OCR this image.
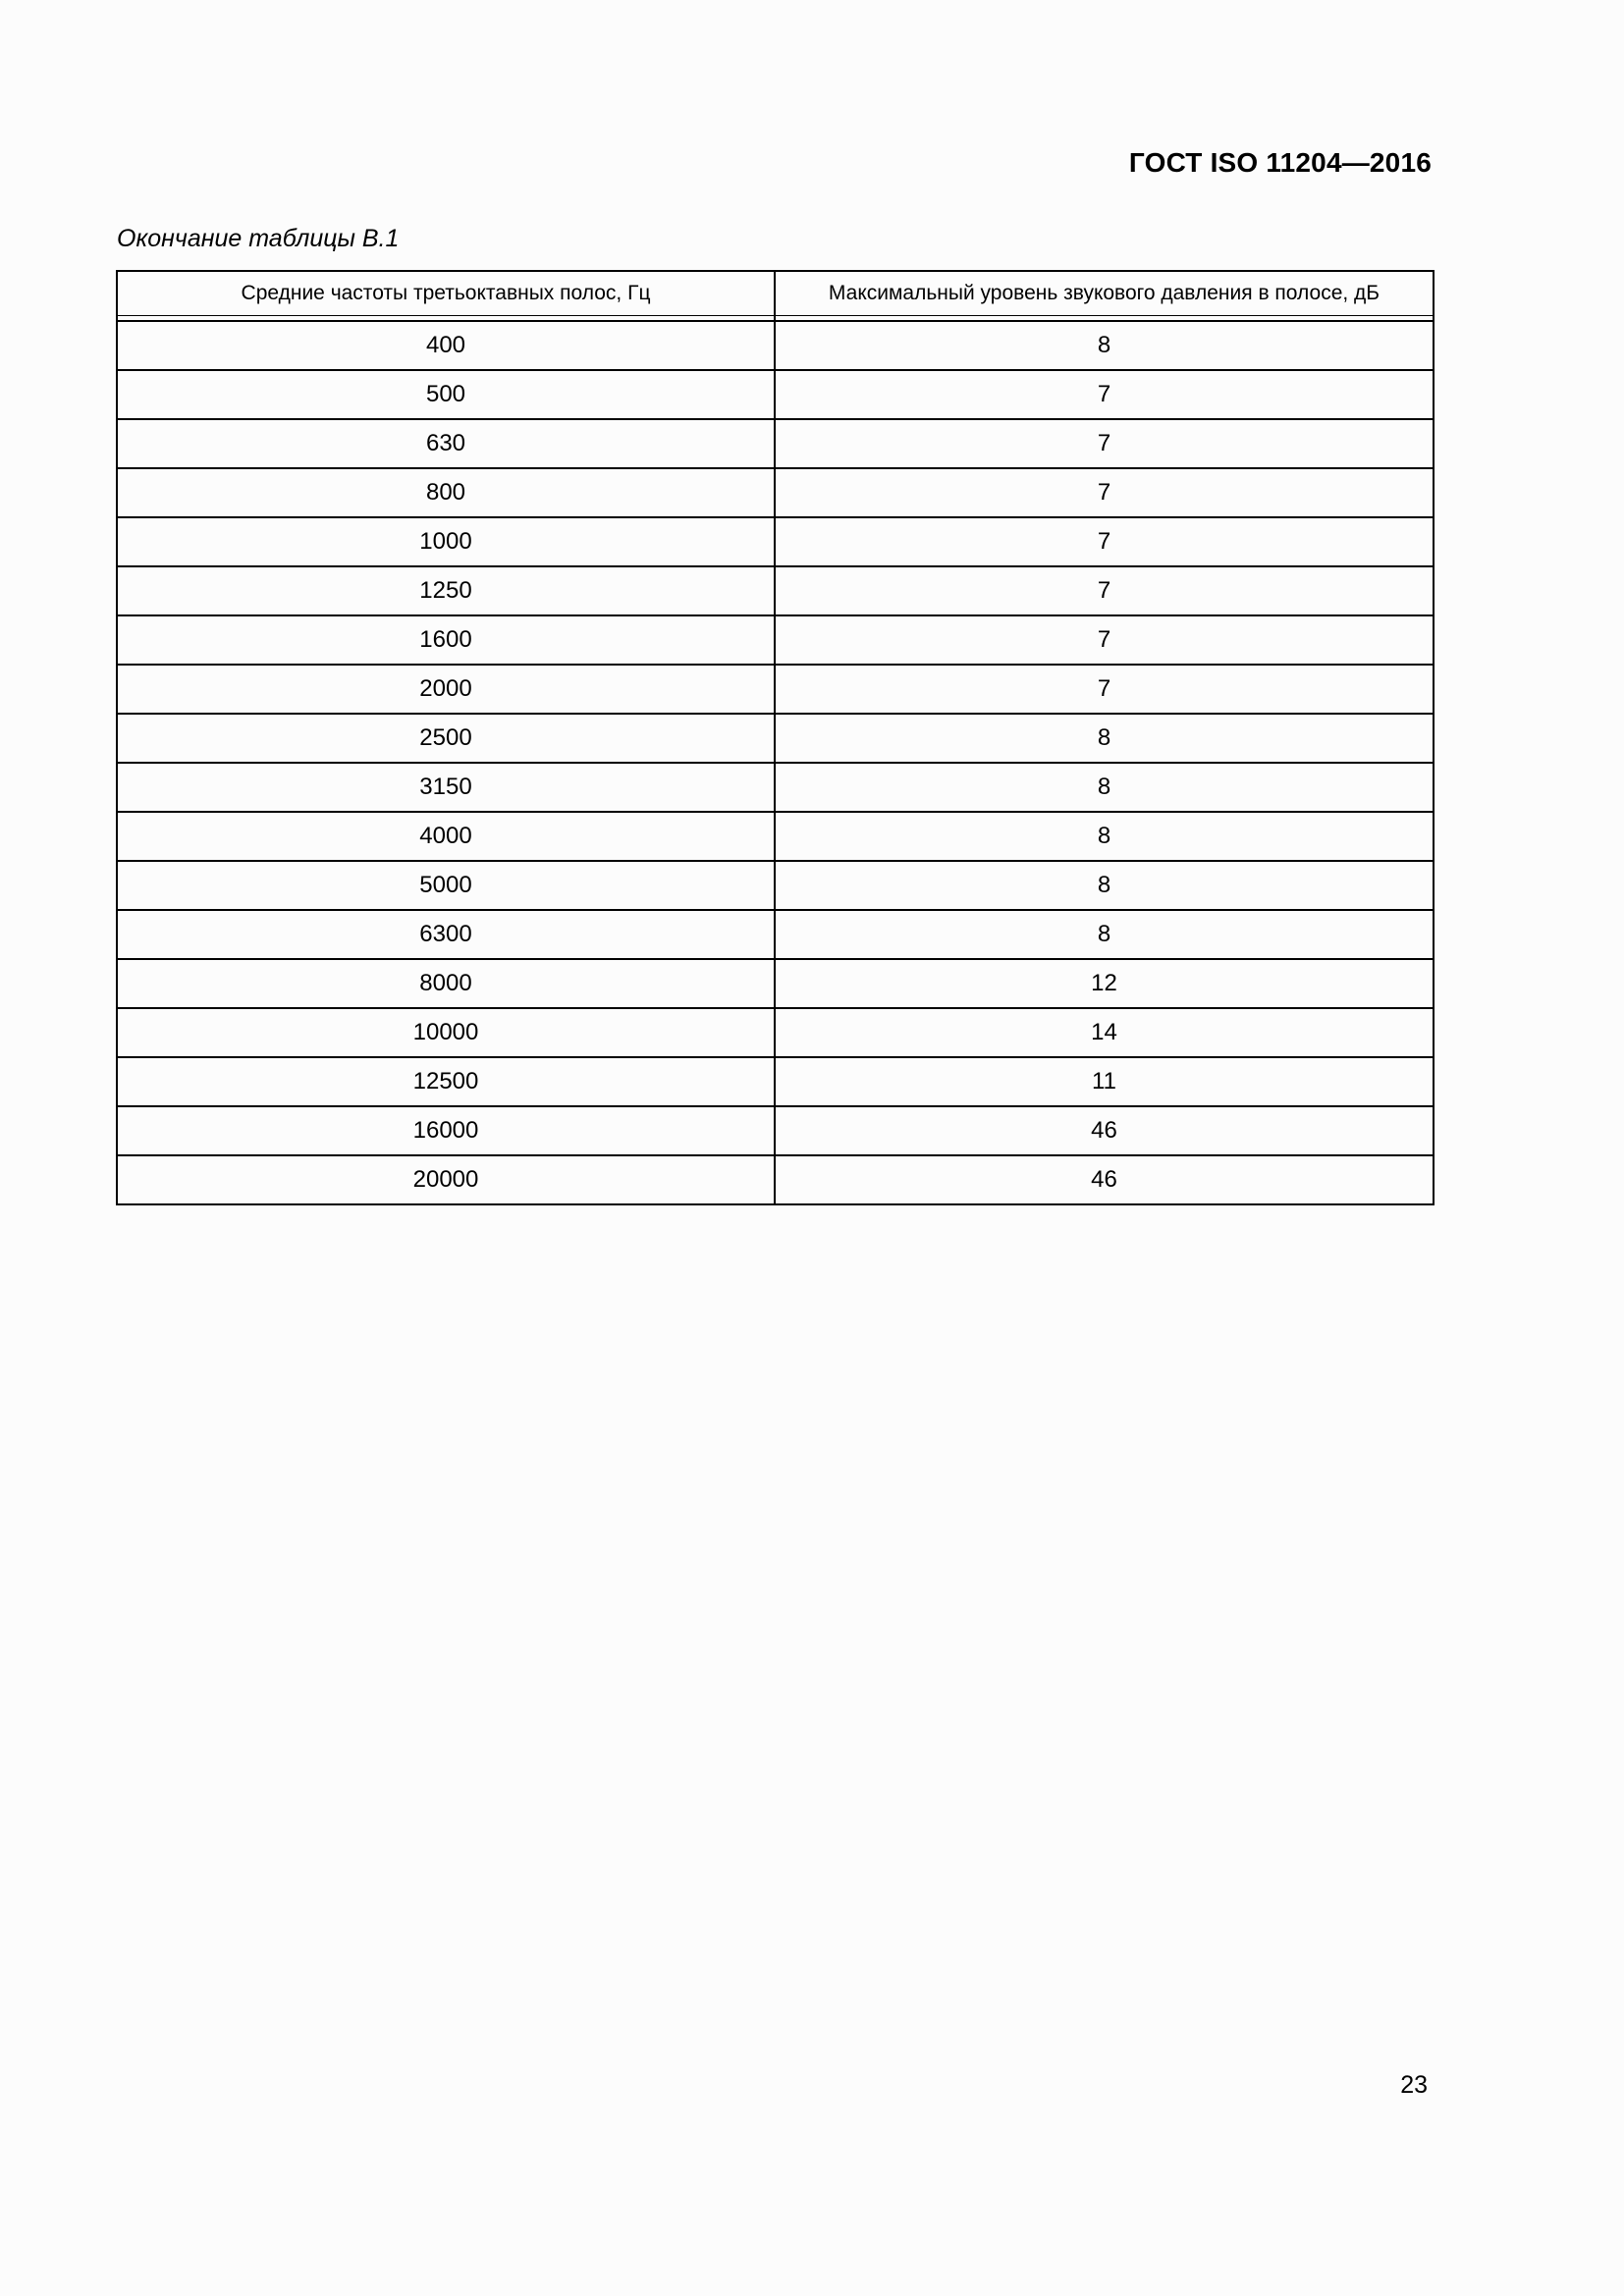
ГОСТ ISO 11204—2016
Окончание таблицы В.1
Средние частоты третьоктавных полос, Гц	Максимальный уровень звукового давления в полосе, дБ

400	8
500	7
630	7
800	7
1000	7
1250	7
1600	7
2000	7
2500	8
3150	8
4000	8
5000	8
6300	8
8000	12
10000	14
12500	11
16000	46
20000	46
23
